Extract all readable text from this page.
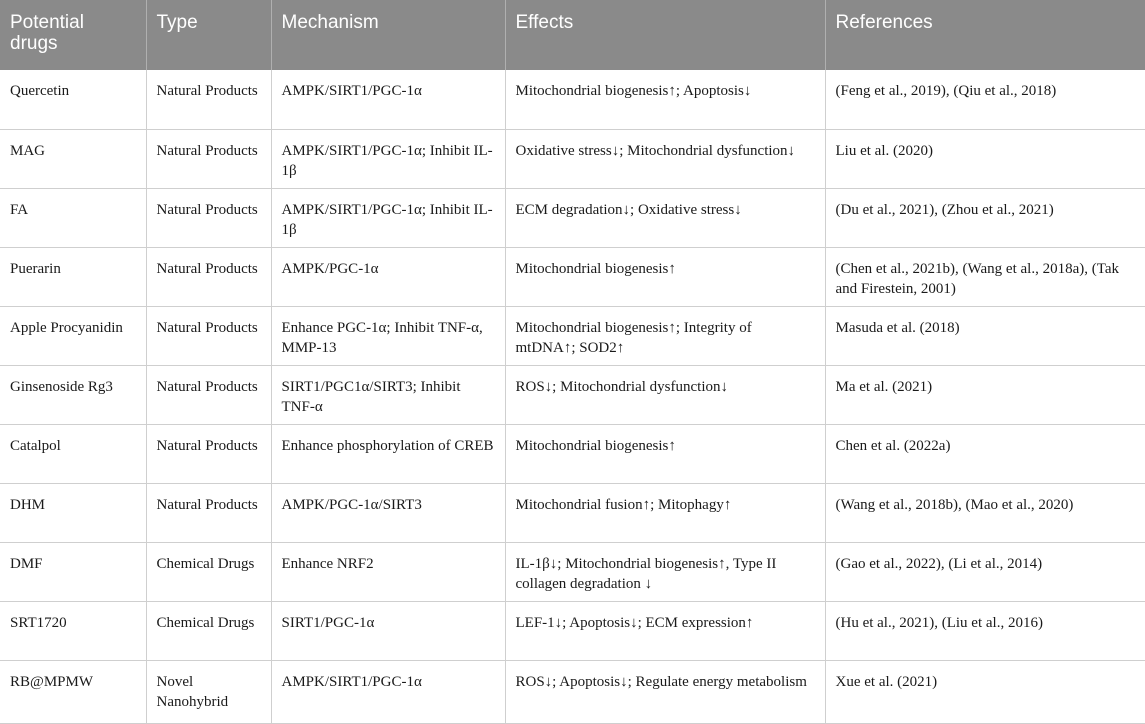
Potential drugs	Type	Mechanism	Effects	References
Quercetin	Natural Products	AMPK/SIRT1/PGC-1α	Mitochondrial biogenesis↑; Apoptosis↓	(Feng et al., 2019), (Qiu et al., 2018)
MAG	Natural Products	AMPK/SIRT1/PGC-1α; Inhibit IL-1β	Oxidative stress↓; Mitochondrial dysfunction↓	Liu et al. (2020)
FA	Natural Products	AMPK/SIRT1/PGC-1α; Inhibit IL-1β	ECM degradation↓; Oxidative stress↓	(Du et al., 2021), (Zhou et al., 2021)
Puerarin	Natural Products	AMPK/PGC-1α	Mitochondrial biogenesis↑	(Chen et al., 2021b), (Wang et al., 2018a), (Tak and Firestein, 2001)
Apple Procyanidin	Natural Products	Enhance PGC-1α; Inhibit TNF-α, MMP-13	Mitochondrial biogenesis↑; Integrity of mtDNA↑; SOD2↑	Masuda et al. (2018)
Ginsenoside Rg3	Natural Products	SIRT1/PGC1α/SIRT3; Inhibit TNF-α	ROS↓; Mitochondrial dysfunction↓	Ma et al. (2021)
Catalpol	Natural Products	Enhance phosphorylation of CREB	Mitochondrial biogenesis↑	Chen et al. (2022a)
DHM	Natural Products	AMPK/PGC-1α/SIRT3	Mitochondrial fusion↑; Mitophagy↑	(Wang et al., 2018b), (Mao et al., 2020)
DMF	Chemical Drugs	Enhance NRF2	IL-1β↓; Mitochondrial biogenesis↑, Type II collagen degradation ↓	(Gao et al., 2022), (Li et al., 2014)
SRT1720	Chemical Drugs	SIRT1/PGC-1α	LEF-1↓; Apoptosis↓; ECM expression↑	(Hu et al., 2021), (Liu et al., 2016)
RB@MPMW	Novel Nanohybrid	AMPK/SIRT1/PGC-1α	ROS↓; Apoptosis↓; Regulate energy metabolism	Xue et al. (2021)
